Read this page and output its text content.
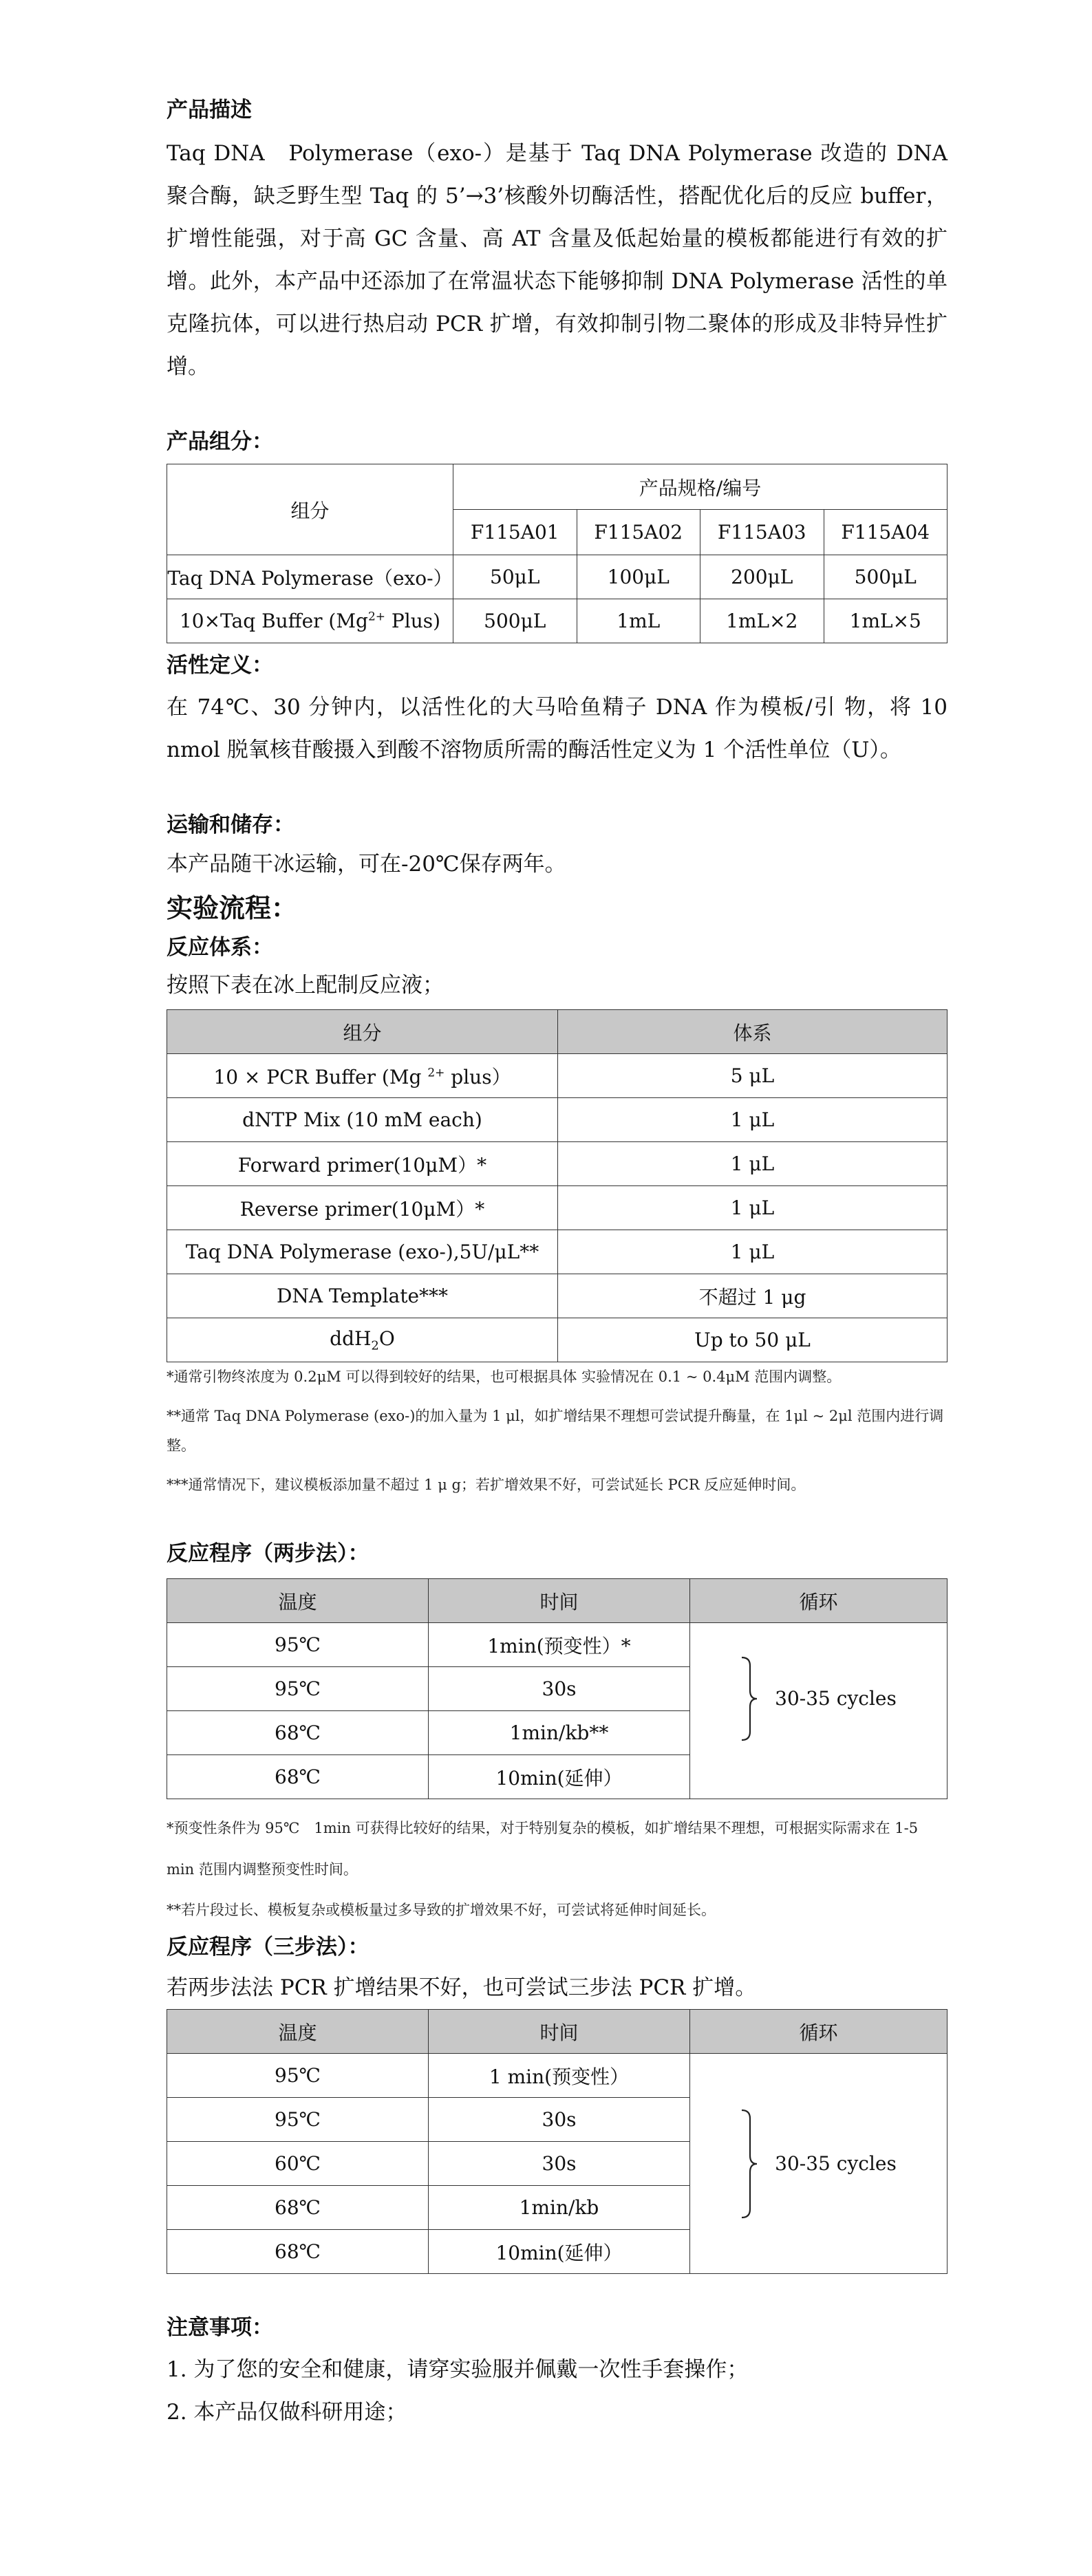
产品描述

Taq DNA　Polymerase（exo-）是基于 Taq DNA Polymerase 改造的 DNA 聚合酶，缺乏野生型 Taq 的 5’→3’核酸外切酶活性，搭配优化后的反应 buffer，扩增性能强，对于高 GC 含量、高 AT 含量及低起始量的模板都能进行有效的扩增。此外，本产品中还添加了在常温状态下能够抑制 DNA Polymerase 活性的单克隆抗体，可以进行热启动 PCR 扩增，有效抑制引物二聚体的形成及非特异性扩增。

产品组分：
组分	产品规格/编号			
	F115A01	F115A02	F115A03	F115A04
Taq DNA Polymerase（exo-）	50μL	100μL	200μL	500μL
10×Taq Buffer ($Mg^{2+}$ Plus)	500μL	1mL	1mL×2	1mL×5
活性定义：

在 74℃、30 分钟内，以活性化的大马哈鱼精子 DNA 作为模板/引 物，将 10 nmol 脱氧核苷酸摄入到酸不溶物质所需的酶活性定义为 1 个活性单位（U）。

运输和储存：

本产品随干冰运输，可在-20℃保存两年。

实验流程：
反应体系：

按照下表在冰上配制反应液；

组分	体系
10 × PCR Buffer (Mg $^{2+}$ plus）	5 μL
dNTP Mix (10 mM each)	1 μL
Forward primer(10μM）*	1 μL
Reverse primer(10μM）*	1 μL
Taq DNA Polymerase (exo-),5U/μL**	1 μL
DNA Template***	不超过 1 μg
ddH$_2$O	Up to 50 μL

*通常引物终浓度为 0.2μM 可以得到较好的结果，也可根据具体 实验情况在 0.1 ~ 0.4μM 范围内调整。

**通常 Taq DNA Polymerase (exo-)的加入量为 1 μl，如扩增结果不理想可尝试提升酶量，在 1μl ~ 2μl 范围内进行调整。

***通常情况下，建议模板添加量不超过 1 μ g；若扩增效果不好，可尝试延长 PCR 反应延伸时间。

反应程序（两步法）：
温度	时间	循环
95℃	1min(预变性）*	30-35 cycles

95℃	30s	
68℃	1min/kb**	
68℃	10min(延伸）	

*预变性条件为 95℃　1min 可获得比较好的结果，对于特别复杂的模板，如扩增结果不理想，可根据实际需求在 1-5 min 范围内调整预变性时间。

**若片段过长、模板复杂或模板量过多导致的扩增效果不好，可尝试将延伸时间延长。

反应程序（三步法）：

若两步法法 PCR 扩增结果不好，也可尝试三步法 PCR 扩增。

温度	时间	循环
95℃	1 min(预变性）	30-35 cycles

95℃	30s	
60℃	30s	
68℃	1min/kb	
68℃	10min(延伸）	
注意事项：
1. 为了您的安全和健康，请穿实验服并佩戴一次性手套操作；
2. 本产品仅做科研用途；
